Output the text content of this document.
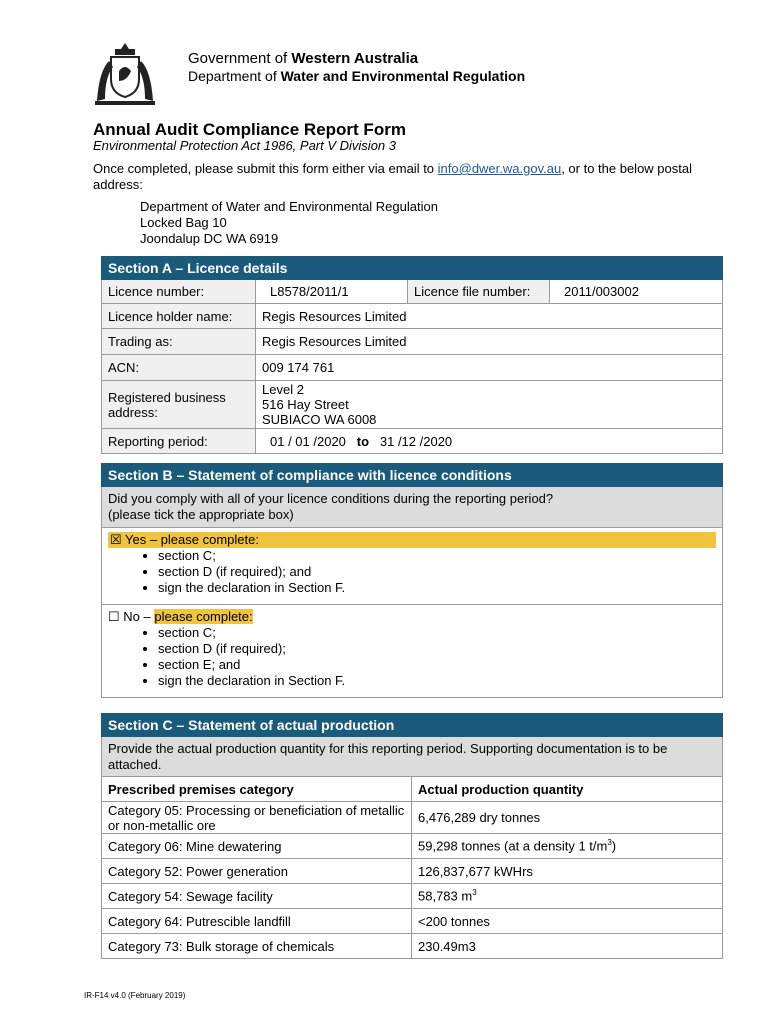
Government of Western Australia
Department of Water and Environmental Regulation
Annual Audit Compliance Report Form
Environmental Protection Act 1986, Part V Division 3
Once completed, please submit this form either via email to info@dwer.wa.gov.au, or to the below postal address:
Department of Water and Environmental Regulation
Locked Bag 10
Joondalup DC WA 6919
Section A – Licence details			
Licence number:	L8578/2011/1	Licence file number:	2011/003002
Licence holder name:	Regis Resources Limited		
Trading as:	Regis Resources Limited		
ACN:	009 174 761		
Registered business address:	Level 2
516 Hay Street
SUBIACO WA 6008		

Reporting period:	01 / 01 /2020 to 31 /12 /2020		
Section B – Statement of compliance with licence conditions

Did you comply with all of your licence conditions during the reporting period?
(please tick the appropriate box)

☒ Yes – please complete:
• section C;
• section D (if required); and
• sign the declaration in Section F.

☐ No – please complete:
• section C;
• section D (if required);
• section E; and
• sign the declaration in Section F.
Section C – Statement of actual production	
Provide the actual production quantity for this reporting period. Supporting documentation is to be attached.	
Prescribed premises category	Actual production quantity
Category 05: Processing or beneficiation of metallic or non-metallic ore	6,476,289 dry tonnes
Category 06: Mine dewatering	59,298 tonnes (at a density 1 $t/m^3$)
Category 52: Power generation	126,837,677 kWHrs
Category 54: Sewage facility	58,783 $m^3$
Category 64: Putrescible landfill	<200 tonnes
Category 73: Bulk storage of chemicals	230.49m3
IR-F14 v4.0 (February 2019)
